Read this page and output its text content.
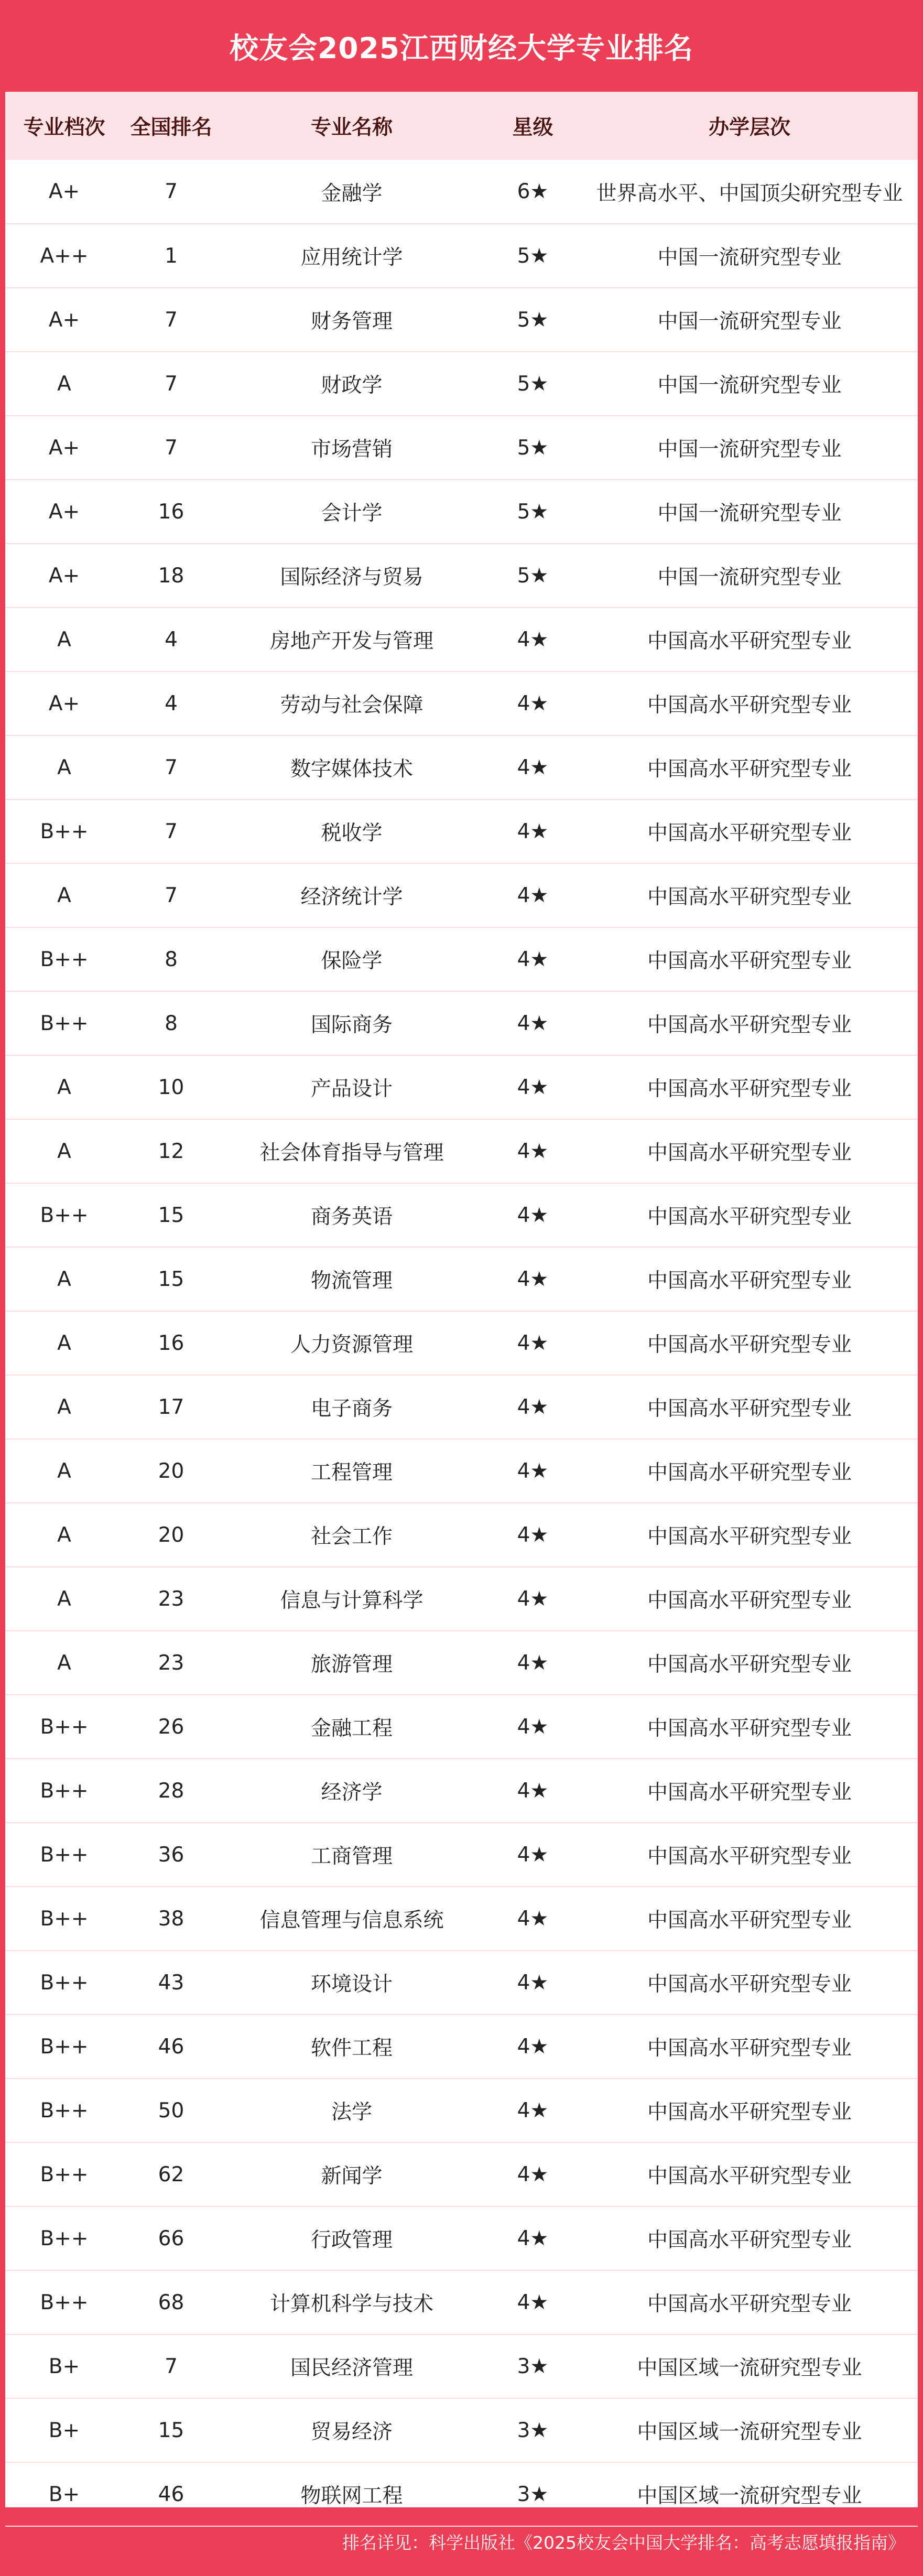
校友会2025江西财经大学专业排名
专业档次	全国排名	专业名称	星级	办学层次
A+	7	金融学	6★	世界高水平、中国顶尖研究型专业
A++	1	应用统计学	5★	中国一流研究型专业
A+	7	财务管理	5★	中国一流研究型专业
A	7	财政学	5★	中国一流研究型专业
A+	7	市场营销	5★	中国一流研究型专业
A+	16	会计学	5★	中国一流研究型专业
A+	18	国际经济与贸易	5★	中国一流研究型专业
A	4	房地产开发与管理	4★	中国高水平研究型专业
A+	4	劳动与社会保障	4★	中国高水平研究型专业
A	7	数字媒体技术	4★	中国高水平研究型专业
B++	7	税收学	4★	中国高水平研究型专业
A	7	经济统计学	4★	中国高水平研究型专业
B++	8	保险学	4★	中国高水平研究型专业
B++	8	国际商务	4★	中国高水平研究型专业
A	10	产品设计	4★	中国高水平研究型专业
A	12	社会体育指导与管理	4★	中国高水平研究型专业
B++	15	商务英语	4★	中国高水平研究型专业
A	15	物流管理	4★	中国高水平研究型专业
A	16	人力资源管理	4★	中国高水平研究型专业
A	17	电子商务	4★	中国高水平研究型专业
A	20	工程管理	4★	中国高水平研究型专业
A	20	社会工作	4★	中国高水平研究型专业
A	23	信息与计算科学	4★	中国高水平研究型专业
A	23	旅游管理	4★	中国高水平研究型专业
B++	26	金融工程	4★	中国高水平研究型专业
B++	28	经济学	4★	中国高水平研究型专业
B++	36	工商管理	4★	中国高水平研究型专业
B++	38	信息管理与信息系统	4★	中国高水平研究型专业
B++	43	环境设计	4★	中国高水平研究型专业
B++	46	软件工程	4★	中国高水平研究型专业
B++	50	法学	4★	中国高水平研究型专业
B++	62	新闻学	4★	中国高水平研究型专业
B++	66	行政管理	4★	中国高水平研究型专业
B++	68	计算机科学与技术	4★	中国高水平研究型专业
B+	7	国民经济管理	3★	中国区域一流研究型专业
B+	15	贸易经济	3★	中国区域一流研究型专业
B+	46	物联网工程	3★	中国区域一流研究型专业
排名详见：科学出版社《2025校友会中国大学排名：高考志愿填报指南》
